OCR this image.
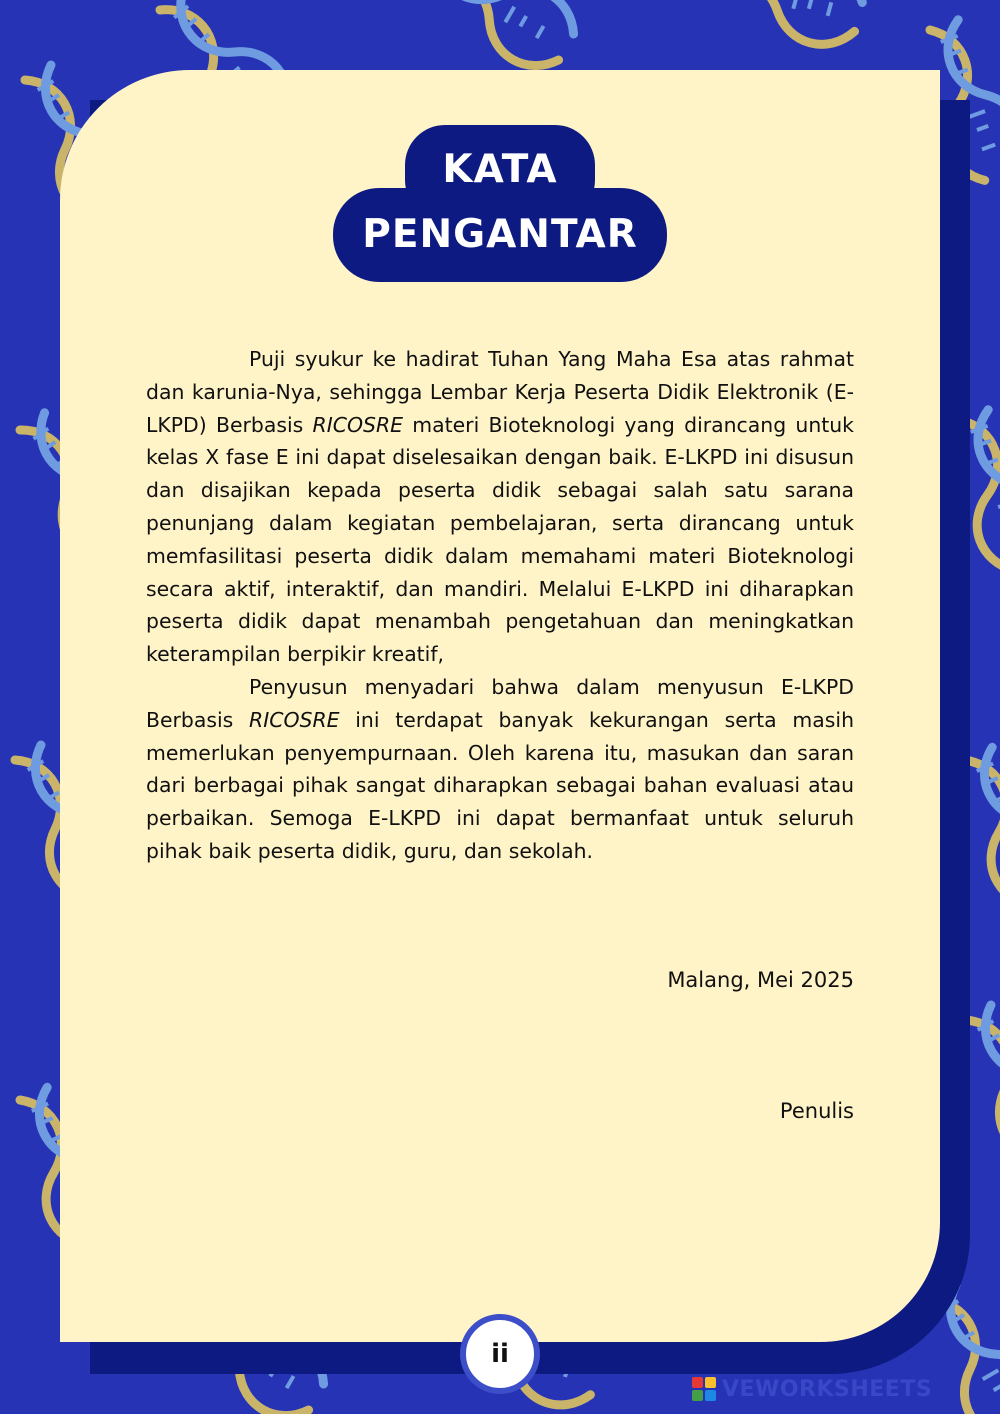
KATA
PENGANTAR

Puji syukur ke hadirat Tuhan Yang Maha Esa atas rahmat dan karunia-Nya, sehingga Lembar Kerja Peserta Didik Elektronik (E-LKPD) Berbasis RICOSRE materi Bioteknologi yang dirancang untuk kelas X fase E ini dapat diselesaikan dengan baik. E-LKPD ini disusun dan disajikan kepada peserta didik sebagai salah satu sarana penunjang dalam kegiatan pembelajaran, serta dirancang untuk memfasilitasi peserta didik dalam memahami materi Bioteknologi secara aktif, interaktif, dan mandiri. Melalui E-LKPD ini diharapkan peserta didik dapat menambah pengetahuan dan meningkatkan keterampilan berpikir kreatif,

Penyusun menyadari bahwa dalam menyusun E-LKPD Berbasis RICOSRE ini terdapat banyak kekurangan serta masih memerlukan penyempurnaan. Oleh karena itu, masukan dan saran dari berbagai pihak sangat diharapkan sebagai bahan evaluasi atau perbaikan. Semoga E-LKPD ini dapat bermanfaat untuk seluruh pihak baik peserta didik, guru, dan sekolah.

Malang, Mei 2025
Penulis
ii
VEWORKSHEETS
